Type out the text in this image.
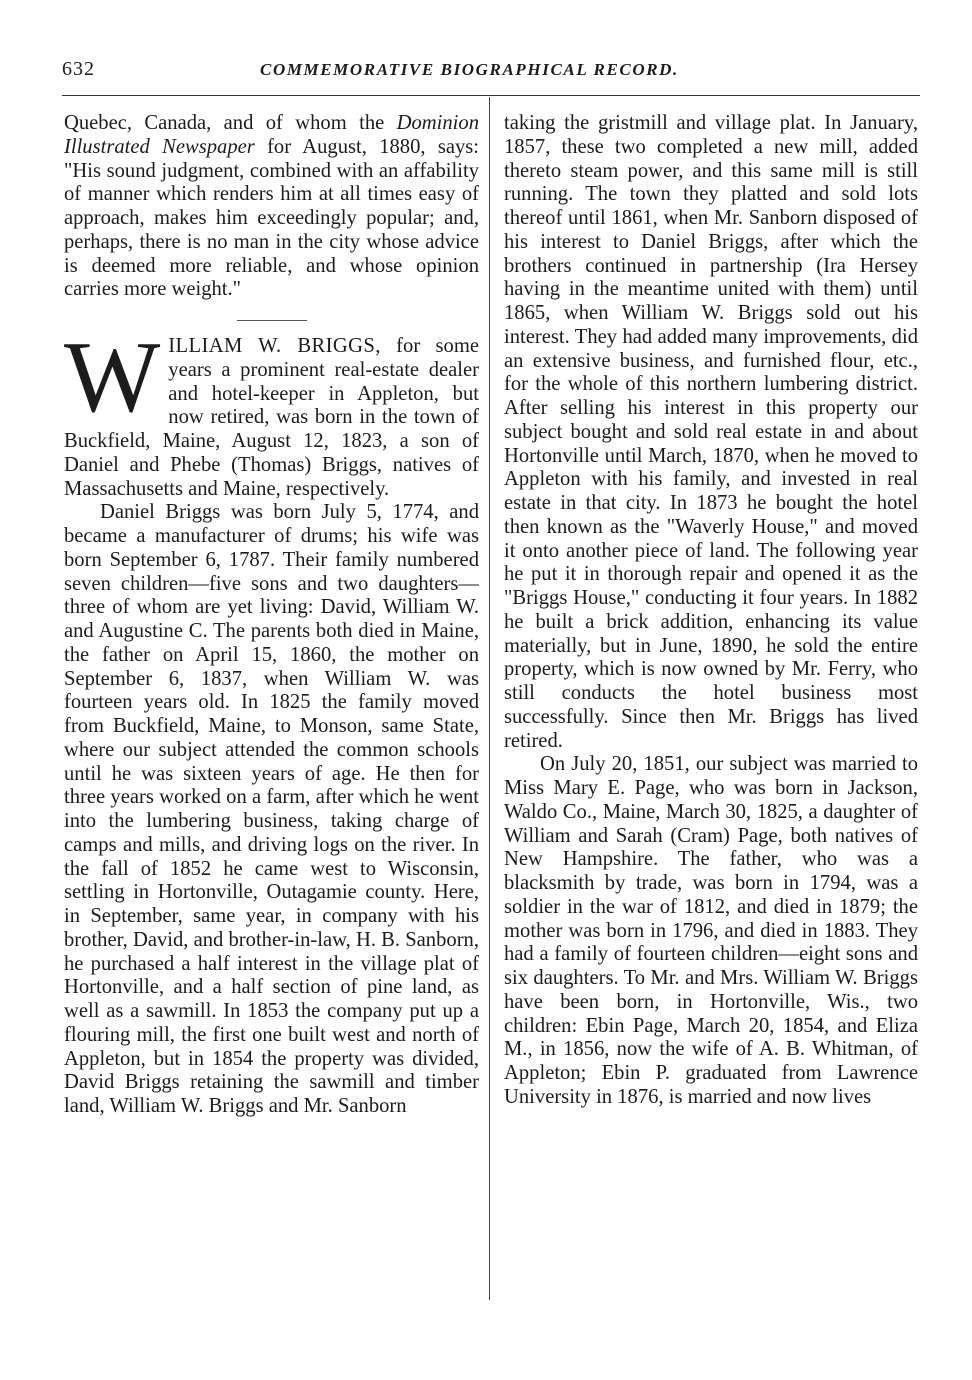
632	COMMEMORATIVE BIOGRAPHICAL RECORD.

Quebec, Canada, and of whom the Dominion Illustrated Newspaper for August, 1880, says: "His sound judgment, combined with an affability of manner which renders him at all times easy of approach, makes him exceedingly popular; and, perhaps, there is no man in the city whose advice is deemed more reliable, and whose opinion carries more weight."

WILLIAM W. BRIGGS, for some years a prominent real-estate dealer and hotel-keeper in Appleton, but now retired, was born in the town of Buckfield, Maine, August 12, 1823, a son of Daniel and Phebe (Thomas) Briggs, natives of Massachusetts and Maine, respectively.

Daniel Briggs was born July 5, 1774, and became a manufacturer of drums; his wife was born September 6, 1787. Their family numbered seven children—five sons and two daughters—three of whom are yet living: David, William W. and Augustine C. The parents both died in Maine, the father on April 15, 1860, the mother on September 6, 1837, when William W. was fourteen years old. In 1825 the family moved from Buckfield, Maine, to Monson, same State, where our subject attended the common schools until he was sixteen years of age. He then for three years worked on a farm, after which he went into the lumbering business, taking charge of camps and mills, and driving logs on the river. In the fall of 1852 he came west to Wisconsin, settling in Hortonville, Outagamie county. Here, in September, same year, in company with his brother, David, and brother-in-law, H. B. Sanborn, he purchased a half interest in the village plat of Hortonville, and a half section of pine land, as well as a sawmill. In 1853 the company put up a flouring mill, the first one built west and north of Appleton, but in 1854 the property was divided, David Briggs retaining the sawmill and timber land, William W. Briggs and Mr. Sanborn

taking the gristmill and village plat. In January, 1857, these two completed a new mill, added thereto steam power, and this same mill is still running. The town they platted and sold lots thereof until 1861, when Mr. Sanborn disposed of his interest to Daniel Briggs, after which the brothers continued in partnership (Ira Hersey having in the meantime united with them) until 1865, when William W. Briggs sold out his interest. They had added many improvements, did an extensive business, and furnished flour, etc., for the whole of this northern lumbering district. After selling his interest in this property our subject bought and sold real estate in and about Hortonville until March, 1870, when he moved to Appleton with his family, and invested in real estate in that city. In 1873 he bought the hotel then known as the "Waverly House," and moved it onto another piece of land. The following year he put it in thorough repair and opened it as the "Briggs House," conducting it four years. In 1882 he built a brick addition, enhancing its value materially, but in June, 1890, he sold the entire property, which is now owned by Mr. Ferry, who still conducts the hotel business most successfully. Since then Mr. Briggs has lived retired.

On July 20, 1851, our subject was married to Miss Mary E. Page, who was born in Jackson, Waldo Co., Maine, March 30, 1825, a daughter of William and Sarah (Cram) Page, both natives of New Hampshire. The father, who was a blacksmith by trade, was born in 1794, was a soldier in the war of 1812, and died in 1879; the mother was born in 1796, and died in 1883. They had a family of fourteen children—eight sons and six daughters. To Mr. and Mrs. William W. Briggs have been born, in Hortonville, Wis., two children: Ebin Page, March 20, 1854, and Eliza M., in 1856, now the wife of A. B. Whitman, of Appleton; Ebin P. graduated from Lawrence University in 1876, is married and now lives
